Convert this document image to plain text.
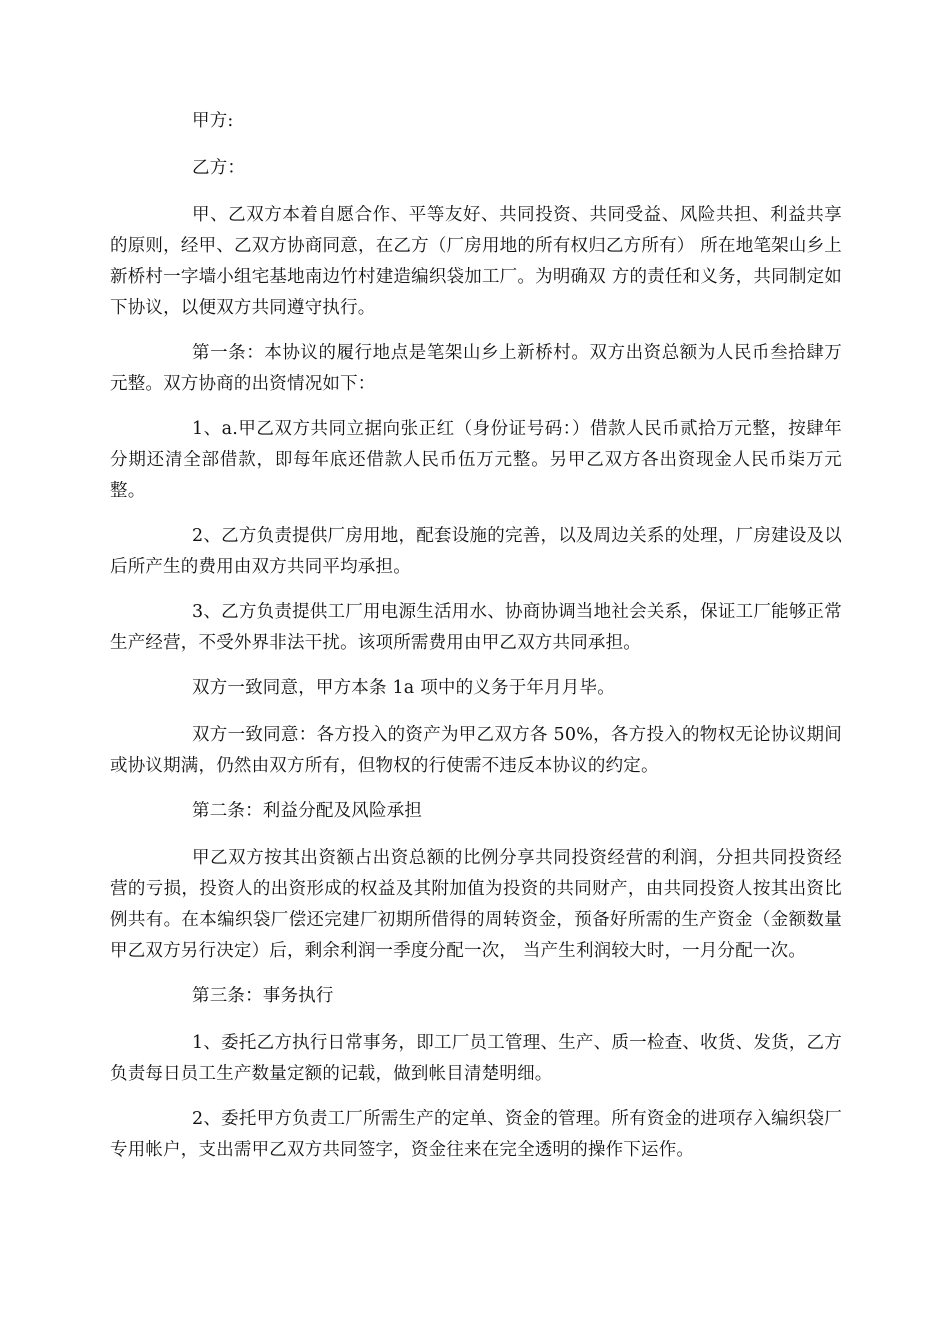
甲方:

乙方：

甲、乙双方本着自愿合作、平等友好、共同投资、共同受益、风险共担、利益共享的原则，经甲、乙双方协商同意，在乙方（厂房用地的所有权归乙方所有） 所在地笔架山乡上新桥村一字墙小组宅基地南边竹村建造编织袋加工厂。为明确双 方的责任和义务，共同制定如下协议，以便双方共同遵守执行。

第一条：本协议的履行地点是笔架山乡上新桥村。双方出资总额为人民币叁拾肆万元整。双方协商的出资情况如下：

1、a.甲乙双方共同立据向张正红（身份证号码：）借款人民币贰拾万元整，按肆年分期还清全部借款，即每年底还借款人民币伍万元整。另甲乙双方各出资现金人民币柒万元整。

2、乙方负责提供厂房用地，配套设施的完善，以及周边关系的处理，厂房建设及以后所产生的费用由双方共同平均承担。

3、乙方负责提供工厂用电源生活用水、协商协调当地社会关系，保证工厂能够正常生产经营，不受外界非法干扰。该项所需费用由甲乙双方共同承担。

双方一致同意，甲方本条 1a 项中的义务于年月月毕。

双方一致同意：各方投入的资产为甲乙双方各 50%，各方投入的物权无论协议期间或协议期满，仍然由双方所有，但物权的行使需不违反本协议的约定。

第二条：利益分配及风险承担

甲乙双方按其出资额占出资总额的比例分享共同投资经营的利润，分担共同投资经营的亏损，投资人的出资形成的权益及其附加值为投资的共同财产，由共同投资人按其出资比例共有。在本编织袋厂偿还完建厂初期所借得的周转资金，预备好所需的生产资金（金额数量甲乙双方另行决定）后，剩余利润一季度分配一次， 当产生利润较大时，一月分配一次。

第三条：事务执行

1、委托乙方执行日常事务，即工厂员工管理、生产、质一检查、收货、发货，乙方负责每日员工生产数量定额的记载，做到帐目清楚明细。

2、委托甲方负责工厂所需生产的定单、资金的管理。所有资金的进项存入编织袋厂专用帐户，支出需甲乙双方共同签字，资金往来在完全透明的操作下运作。
